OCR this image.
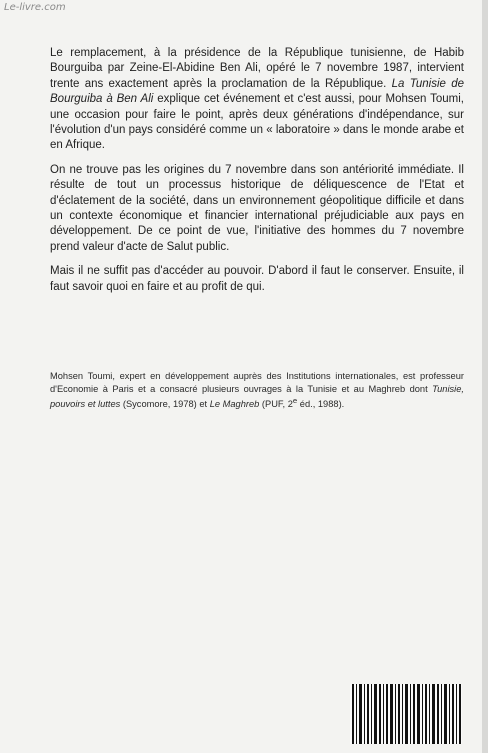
Le-livre.com

Le remplacement, à la présidence de la République tunisienne, de Habib Bourguiba par Zeine-El-Abidine Ben Ali, opéré le 7 novembre 1987, intervient trente ans exactement après la proclamation de la République. La Tunisie de Bourguiba à Ben Ali explique cet événement et c'est aussi, pour Mohsen Toumi, une occasion pour faire le point, après deux générations d'indépendance, sur l'évolution d'un pays considéré comme un « laboratoire » dans le monde arabe et en Afrique.

On ne trouve pas les origines du 7 novembre dans son antériorité immédiate. Il résulte de tout un processus historique de déliquescence de l'Etat et d'éclatement de la société, dans un environnement géopolitique difficile et dans un contexte économique et financier international préjudiciable aux pays en développement. De ce point de vue, l'initiative des hommes du 7 novembre prend valeur d'acte de Salut public.

Mais il ne suffit pas d'accéder au pouvoir. D'abord il faut le conserver. Ensuite, il faut savoir quoi en faire et au profit de qui.

Mohsen Toumi, expert en développement auprès des Institutions internationales, est professeur d'Economie à Paris et a consacré plusieurs ouvrages à la Tunisie et au Maghreb dont Tunisie, pouvoirs et luttes (Sycomore, 1978) et Le Maghreb (PUF, 2e éd., 1988).
